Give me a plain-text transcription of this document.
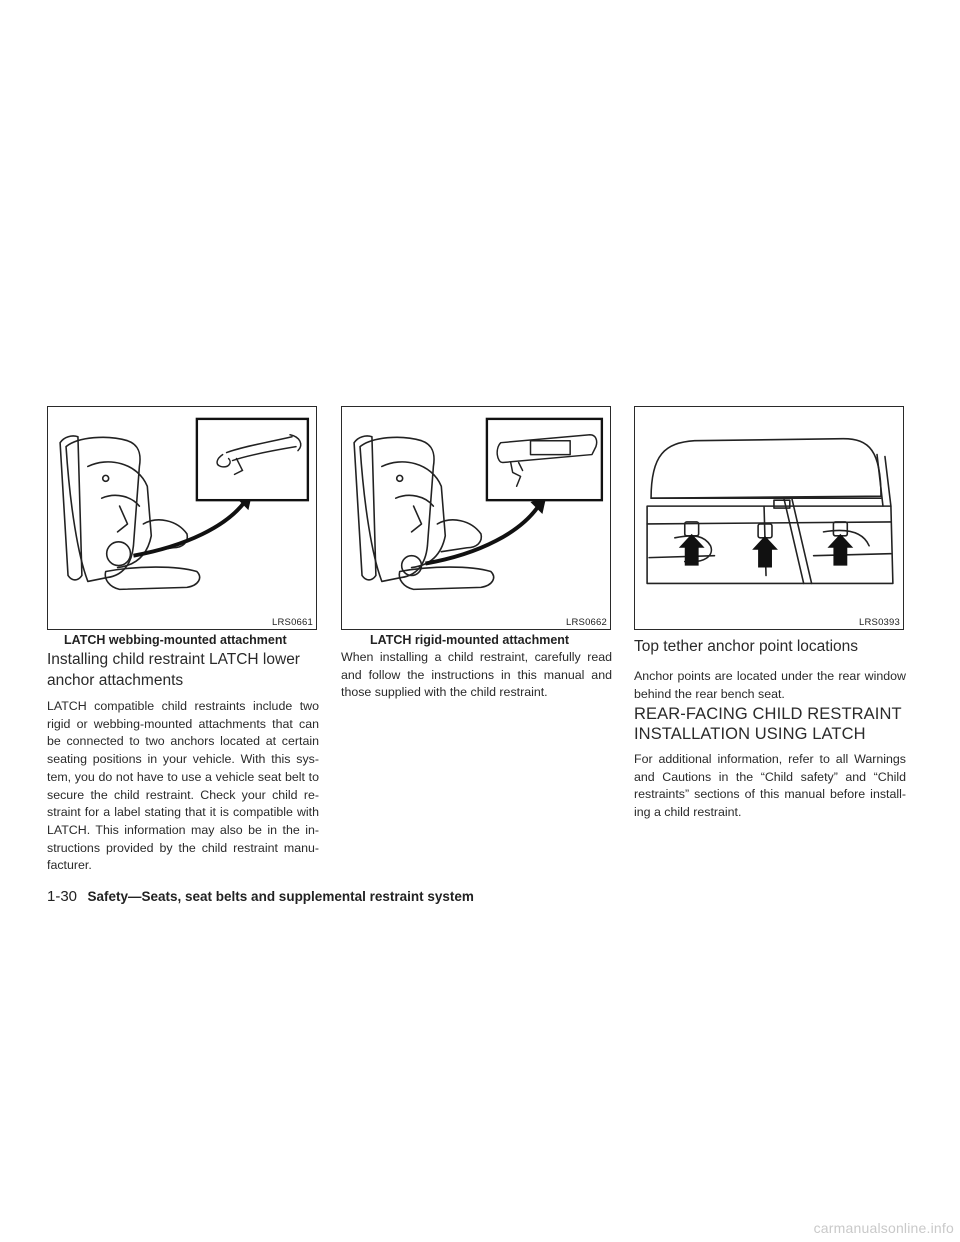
LRS0661
LATCH webbing-mounted attachment
LRS0662
LATCH rigid-mounted attachment
LRS0393
Installing child restraint LATCH lower anchor attachments

LATCH compatible child restraints include two rigid or webbing-mounted attachments that can be connected to two anchors located at certain seating positions in your vehicle. With this sys- tem, you do not have to use a vehicle seat belt to secure the child restraint. Check your child re- straint for a label stating that it is compatible with LATCH. This information may also be in the in- structions provided by the child restraint manu- facturer.

When installing a child restraint, carefully read and follow the instructions in this manual and those supplied with the child restraint.

Top tether anchor point locations

Anchor points are located under the rear window behind the rear bench seat.

REAR-FACING CHILD RESTRAINT INSTALLATION USING LATCH

For additional information, refer to all Warnings and Cautions in the “Child safety” and “Child restraints” sections of this manual before install- ing a child restraint.

1-30 Safety—Seats, seat belts and supplemental restraint system
carmanualsonline.info
